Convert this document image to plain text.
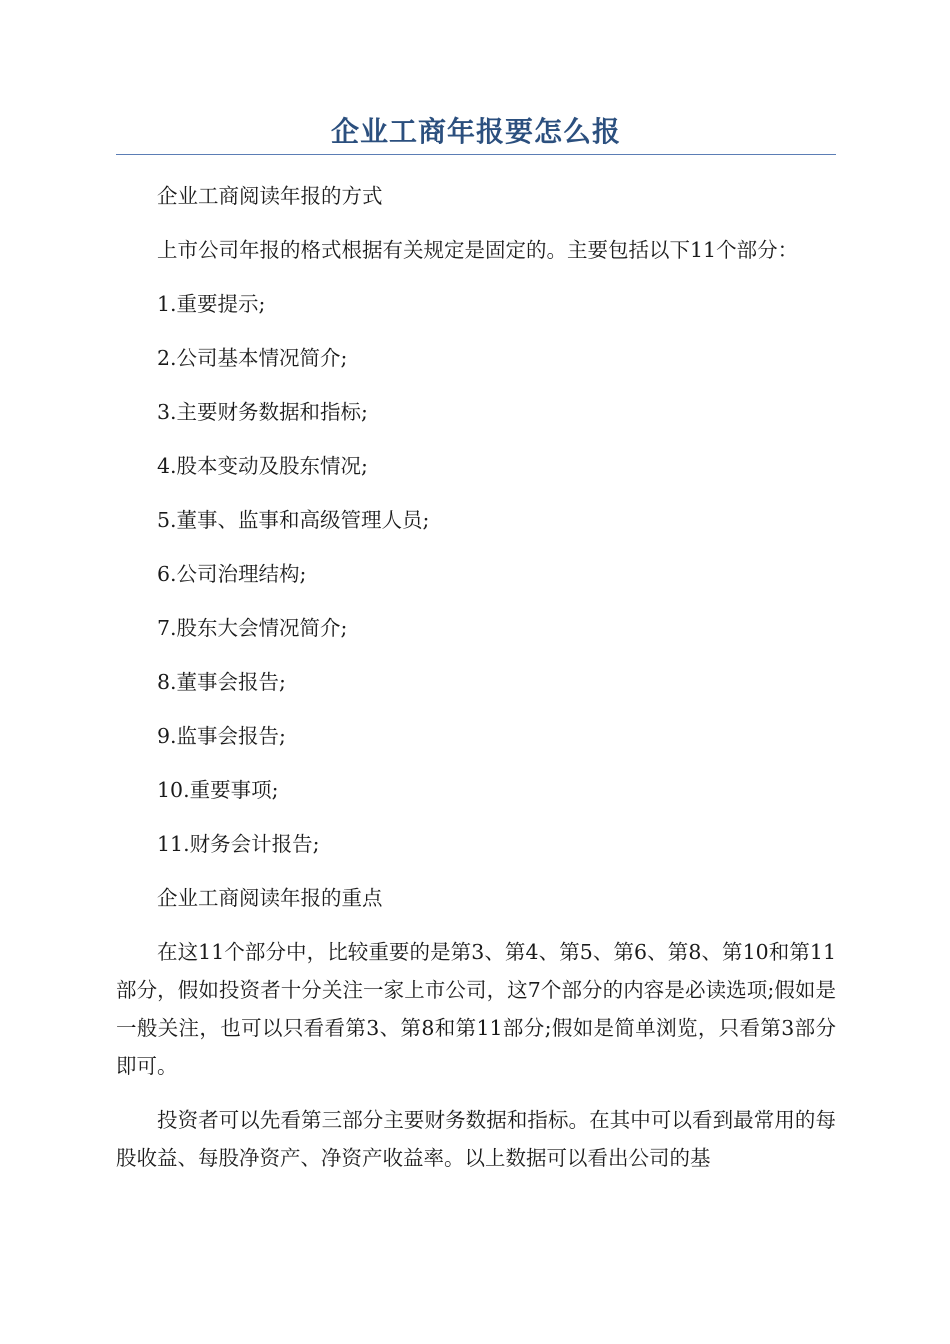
企业工商年报要怎么报

企业工商阅读年报的方式

上市公司年报的格式根据有关规定是固定的。主要包括以下11个部分：

1.重要提示;

2.公司基本情况简介;

3.主要财务数据和指标;

4.股本变动及股东情况;

5.董事、监事和高级管理人员;

6.公司治理结构;

7.股东大会情况简介;

8.董事会报告;

9.监事会报告;

10.重要事项;

11.财务会计报告;

企业工商阅读年报的重点

在这11个部分中，比较重要的是第3、第4、第5、第6、第8、第10和第11部分，假如投资者十分关注一家上市公司，这7个部分的内容是必读选项;假如是一般关注，也可以只看看第3、第8和第11部分;假如是简单浏览，只看第3部分即可。

投资者可以先看第三部分主要财务数据和指标。在其中可以看到最常用的每股收益、每股净资产、净资产收益率。以上数据可以看出公司的基
